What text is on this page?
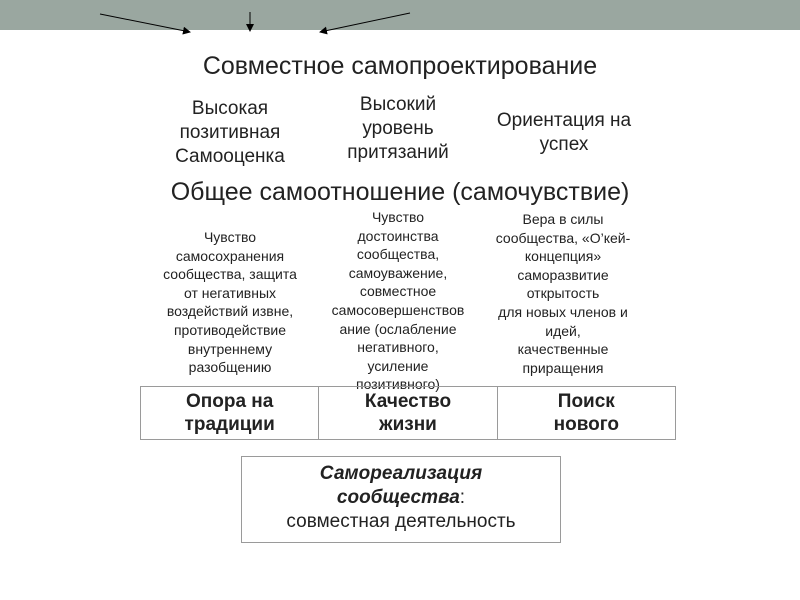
Совместное самопроектирование
Высокая
позитивная
Самооценка
Высокий
уровень
притязаний
Ориентация на
успех
Общее самоотношение (самочувствие)
Чувство
самосохранения
сообщества, защита
от негативных
воздействий извне,
противодействие
внутреннему
разобщению
Чувство
достоинства
сообщества,
самоуважение,
совместное
самосовершенствов
ание (ослабление
негативного,
усиление
позитивного)
Вера в силы
сообщества, «О’кей-
концепция»
саморазвитие
открытость
для новых членов и
идей,
качественные
приращения
Опора на
традиции
Качество
жизни
Поиск
нового
Самореализация
сообщества:
совместная деятельность
